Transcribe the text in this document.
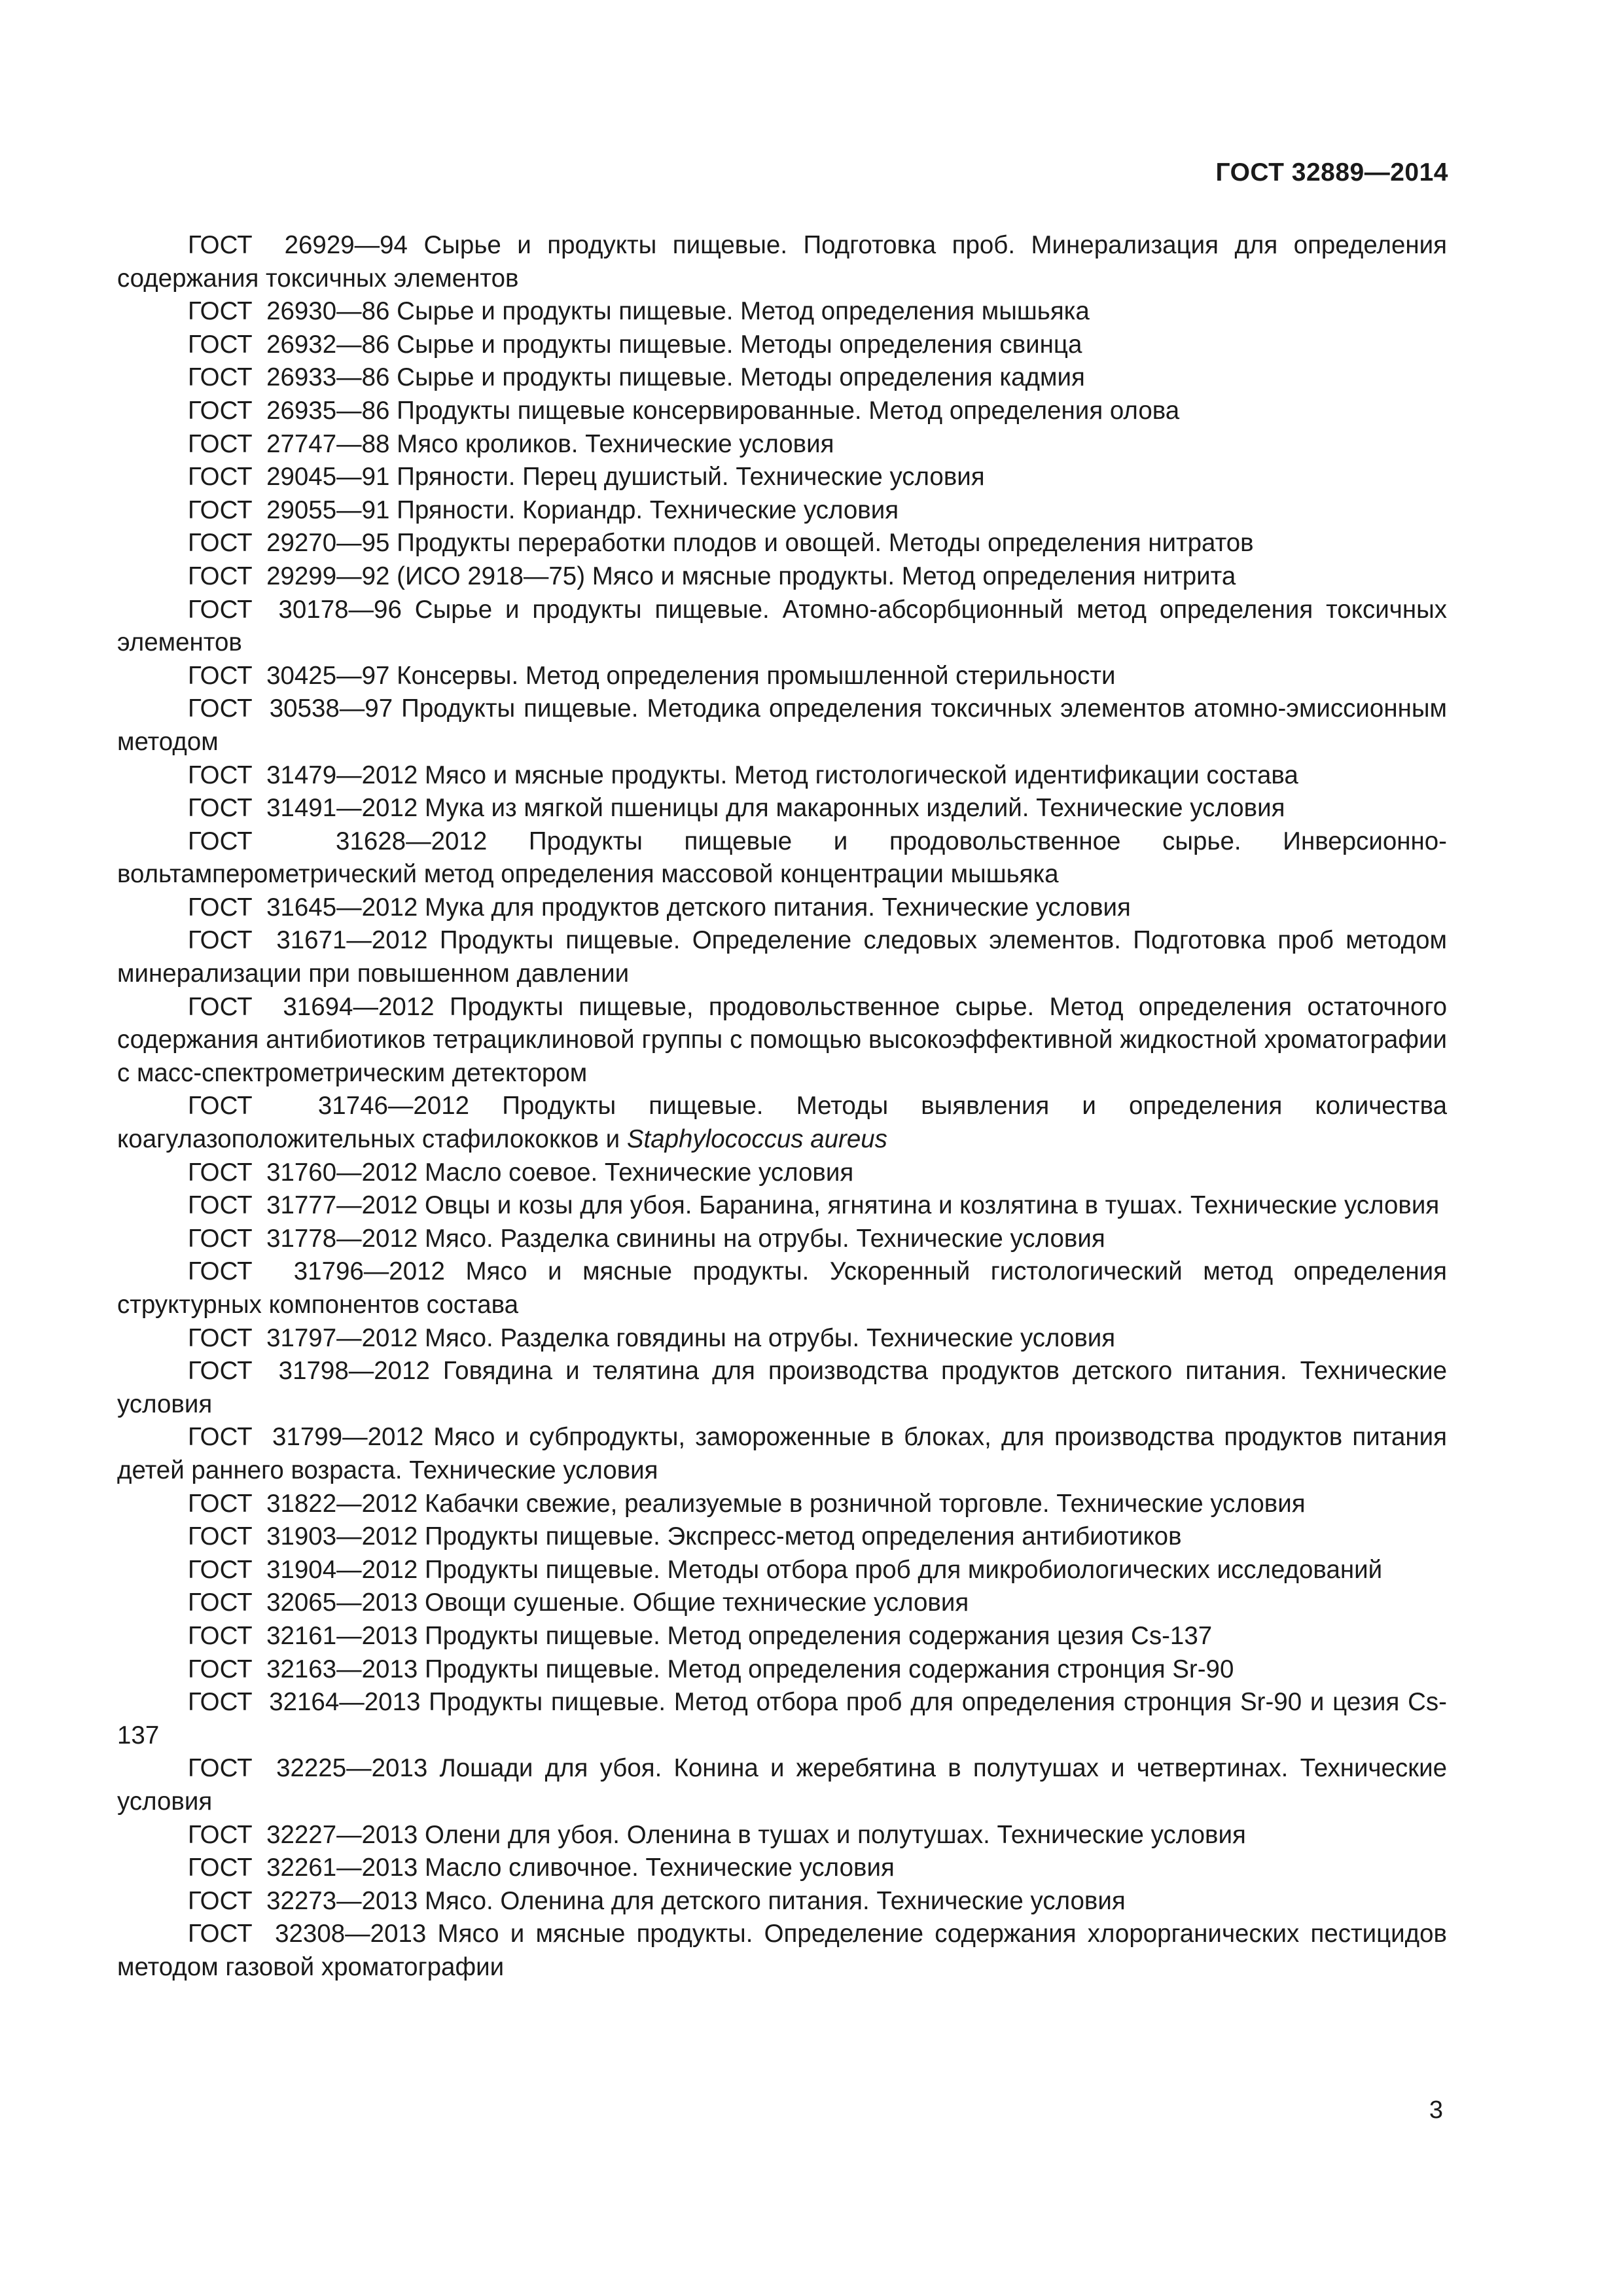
ГОСТ 32889—2014

ГОСТ  26929—94 Сырье и продукты пищевые. Подготовка проб. Минерализация для определения содержания токсичных элементов

ГОСТ  26930—86 Сырье и продукты пищевые. Метод определения мышьяка

ГОСТ  26932—86 Сырье и продукты пищевые. Методы определения свинца

ГОСТ  26933—86 Сырье и продукты пищевые. Методы определения кадмия

ГОСТ  26935—86 Продукты пищевые консервированные. Метод определения олова

ГОСТ  27747—88 Мясо кроликов. Технические условия

ГОСТ  29045—91 Пряности. Перец душистый. Технические условия

ГОСТ  29055—91 Пряности. Кориандр. Технические условия

ГОСТ  29270—95 Продукты переработки плодов и овощей. Методы определения нитратов

ГОСТ  29299—92 (ИСО 2918—75) Мясо и мясные продукты. Метод определения нитрита

ГОСТ  30178—96 Сырье и продукты пищевые. Атомно-абсорбционный метод определения токсичных элементов

ГОСТ  30425—97 Консервы. Метод определения промышленной стерильности

ГОСТ  30538—97 Продукты пищевые. Методика определения токсичных элементов атомно-эмиссионным методом

ГОСТ  31479—2012 Мясо и мясные продукты. Метод гистологической идентификации состава

ГОСТ  31491—2012 Мука из мягкой пшеницы для макаронных изделий. Технические условия

ГОСТ  31628—2012 Продукты пищевые и продовольственное сырье. Инверсионно-вольтамперометрический метод определения массовой концентрации мышьяка

ГОСТ  31645—2012 Мука для продуктов детского питания. Технические условия

ГОСТ  31671—2012 Продукты пищевые. Определение следовых элементов. Подготовка проб методом минерализации при повышенном давлении

ГОСТ  31694—2012 Продукты пищевые, продовольственное сырье. Метод определения остаточного содержания антибиотиков тетрациклиновой группы с помощью высокоэффективной жидкостной хроматографии с масс-спектрометрическим детектором

ГОСТ  31746—2012 Продукты пищевые. Методы выявления и определения количества коагулазоположительных стафилококков и Staphylococcus aureus

ГОСТ  31760—2012 Масло соевое. Технические условия

ГОСТ  31777—2012 Овцы и козы для убоя. Баранина, ягнятина и козлятина в тушах. Технические условия

ГОСТ  31778—2012 Мясо. Разделка свинины на отрубы. Технические условия

ГОСТ  31796—2012 Мясо и мясные продукты. Ускоренный гистологический метод определения структурных компонентов состава

ГОСТ  31797—2012 Мясо. Разделка говядины на отрубы. Технические условия

ГОСТ  31798—2012 Говядина и телятина для производства продуктов детского питания. Технические условия

ГОСТ  31799—2012 Мясо и субпродукты, замороженные в блоках, для производства продуктов питания детей раннего возраста. Технические условия

ГОСТ  31822—2012 Кабачки свежие, реализуемые в розничной торговле. Технические условия

ГОСТ  31903—2012 Продукты пищевые. Экспресс-метод определения антибиотиков

ГОСТ  31904—2012 Продукты пищевые. Методы отбора проб для микробиологических исследований

ГОСТ  32065—2013 Овощи сушеные. Общие технические условия

ГОСТ  32161—2013 Продукты пищевые. Метод определения содержания цезия Cs-137

ГОСТ  32163—2013 Продукты пищевые. Метод определения содержания стронция Sr-90

ГОСТ  32164—2013 Продукты пищевые. Метод отбора проб для определения стронция Sr-90 и цезия Cs-137

ГОСТ  32225—2013 Лошади для убоя. Конина и жеребятина в полутушах и четвертинах. Технические условия

ГОСТ  32227—2013 Олени для убоя. Оленина в тушах и полутушах. Технические условия

ГОСТ  32261—2013 Масло сливочное. Технические условия

ГОСТ  32273—2013 Мясо. Оленина для детского питания. Технические условия

ГОСТ  32308—2013 Мясо и мясные продукты. Определение содержания хлорорганических пестицидов методом газовой хроматографии

3
